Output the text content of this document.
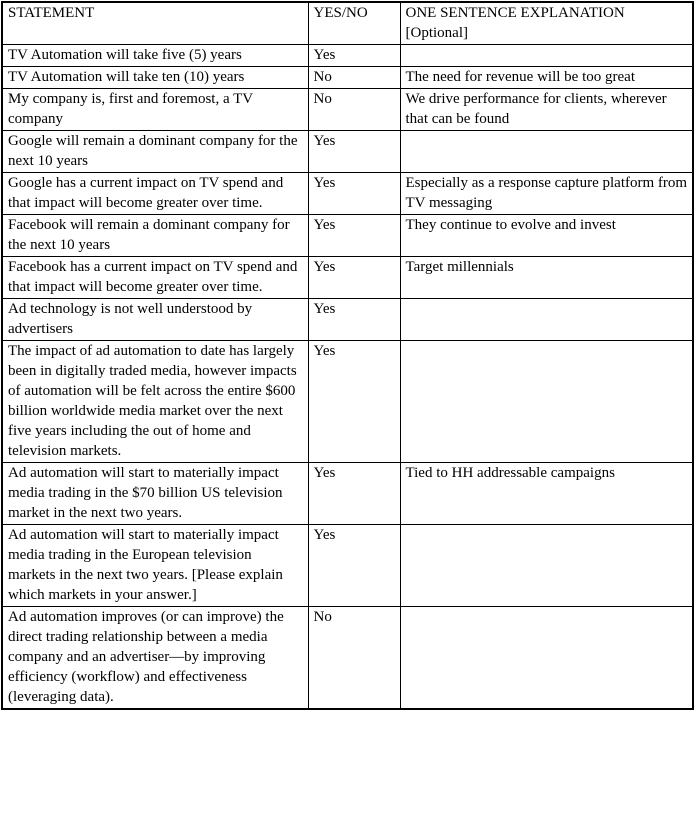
STATEMENT	YES/NO	ONE SENTENCE EXPLANATION [Optional]
TV Automation will take five (5) years	Yes	
TV Automation will take ten (10) years	No	The need for revenue will be too great
My company is, first and foremost, a TV company	No	We drive performance for clients, wherever that can be found
Google will remain a dominant company for the next 10 years	Yes	
Google has a current impact on TV spend and that impact will become greater over time.	Yes	Especially as a response capture platform from TV messaging
Facebook will remain a dominant company for the next 10 years	Yes	They continue to evolve and invest
Facebook has a current impact on TV spend and that impact will become greater over time.	Yes	Target millennials
Ad technology is not well understood by advertisers	Yes	
The impact of ad automation to date has largely been in digitally traded media, however impacts of automation will be felt across the entire $600 billion worldwide media market over the next five years including the out of home and television markets.	Yes	
Ad automation will start to materially impact media trading in the $70 billion US television market in the next two years.	Yes	Tied to HH addressable campaigns
Ad automation will start to materially impact media trading in the European television markets in the next two years. [Please explain which markets in your answer.]	Yes	
Ad automation improves (or can improve) the direct trading relationship between a media company and an advertiser—by improving efficiency (workflow) and effectiveness (leveraging data).	No	
